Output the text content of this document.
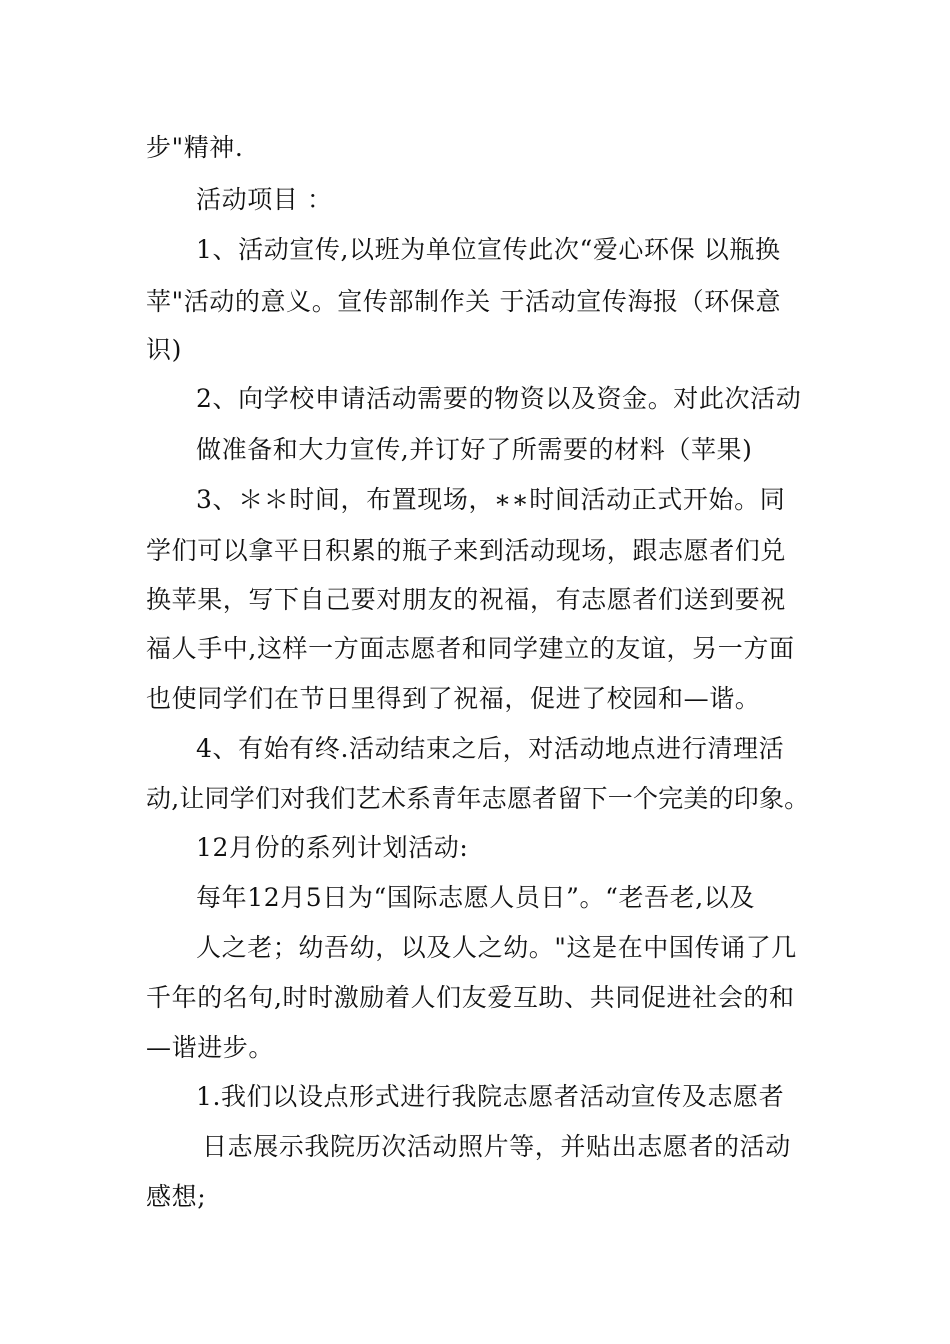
步"精神.
活动项目 ：
1、活动宣传,以班为单位宣传此次“爱心环保 以瓶换
苹"活动的意义。宣传部制作关 于活动宣传海报（环保意
识)
2、向学校申请活动需要的物资以及资金。对此次活动
做准备和大力宣传,并订好了所需要的材料（苹果)
3、＊＊时间，布置现场，∗∗时间活动正式开始。同
学们可以拿平日积累的瓶子来到活动现场，跟志愿者们兑
换苹果，写下自己要对朋友的祝福，有志愿者们送到要祝
福人手中,这样一方面志愿者和同学建立的友谊，另一方面
也使同学们在节日里得到了祝福，促进了校园和—谐。
4、有始有终.活动结束之后，对活动地点进行清理活
动,让同学们对我们艺术系青年志愿者留下一个完美的印象。
12月份的系列计划活动:
每年12月5日为“国际志愿人员日”。“老吾老,以及
人之老；幼吾幼，以及人之幼。"这是在中国传诵了几
千年的名句,时时激励着人们友爱互助、共同促进社会的和
—谐进步。
1.我们以设点形式进行我院志愿者活动宣传及志愿者
日志展示我院历次活动照片等，并贴出志愿者的活动
感想;
